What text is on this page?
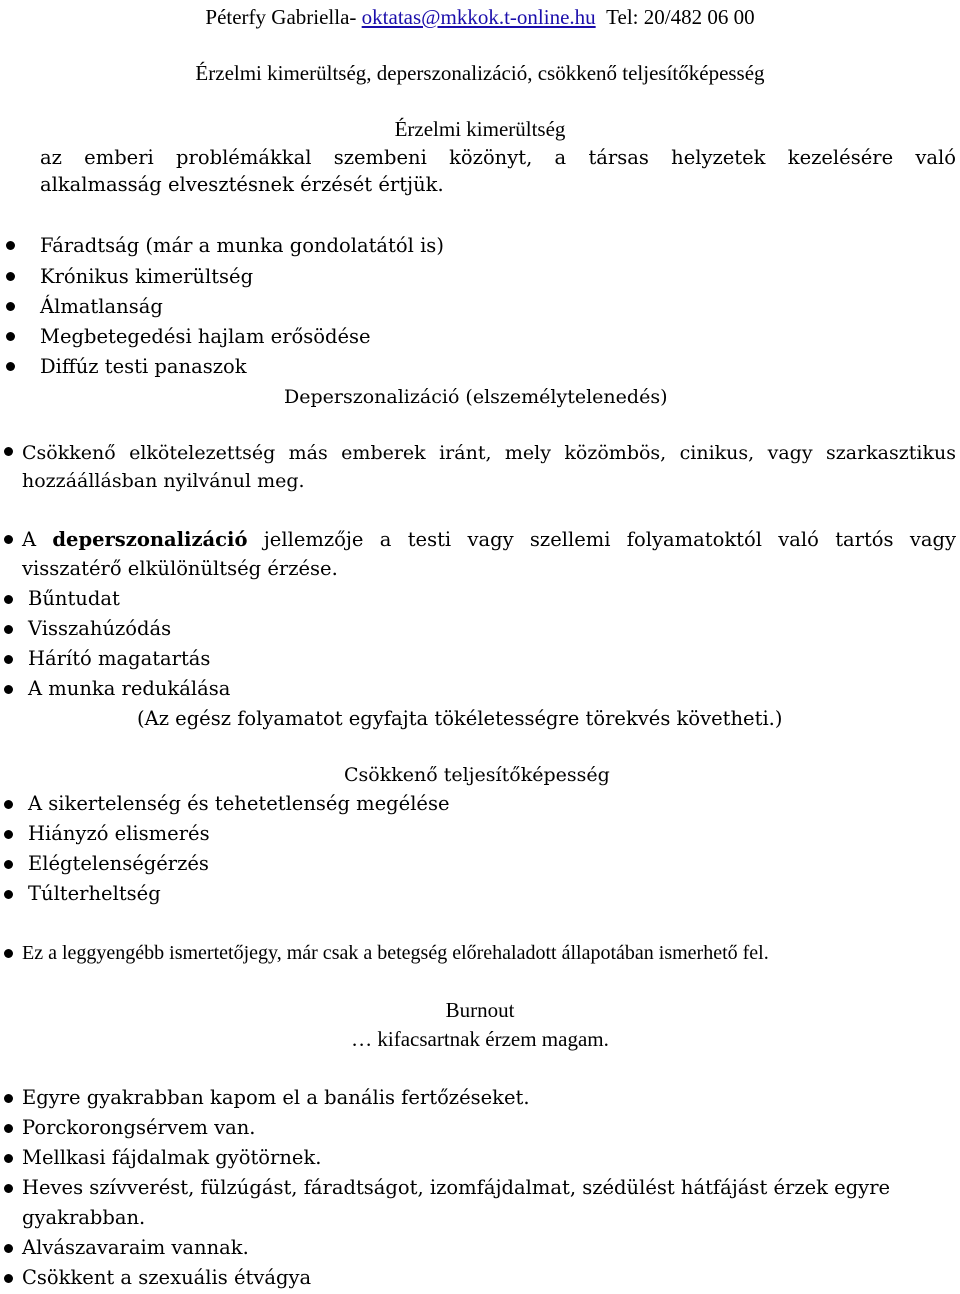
Péterfy Gabriella- oktatas@mkkok.t-online.hu Tel: 20/482 06 00
Érzelmi kimerültség, deperszonalizáció, csökkenő teljesítőképesség
Érzelmi kimerültség
az emberi problémákkal szembeni közönyt, a társas helyzetek kezelésére való
alkalmasság elvesztésnek érzését értjük.
Fáradtság (már a munka gondolatától is)
Krónikus kimerültség
Álmatlanság
Megbetegedési hajlam erősödése
Diffúz testi panaszok
Deperszonalizáció (elszemélytelenedés)
Csökkenő elkötelezettség más emberek iránt, mely közömbös, cinikus, vagy szarkasztikus
hozzáállásban nyilvánul meg.
A deperszonalizáció jellemzője a testi vagy szellemi folyamatoktól való tartós vagy
visszatérő elkülönültség érzése.
Bűntudat
Visszahúzódás
Hárító magatartás
A munka redukálása
(Az egész folyamatot egyfajta tökéletességre törekvés követheti.)
Csökkenő teljesítőképesség
A sikertelenség és tehetetlenség megélése
Hiányzó elismerés
Elégtelenségérzés
Túlterheltség
Ez a leggyengébb ismertetőjegy, már csak a betegség előrehaladott állapotában ismerhető fel.
Burnout
… kifacsartnak érzem magam.
Egyre gyakrabban kapom el a banális fertőzéseket.
Porckorongsérvem van.
Mellkasi fájdalmak gyötörnek.
Heves szívverést, fülzúgást, fáradtságot, izomfájdalmat, szédülést hátfájást érzek egyre
gyakrabban.
Alvászavaraim vannak.
Csökkent a szexuális étvágya
